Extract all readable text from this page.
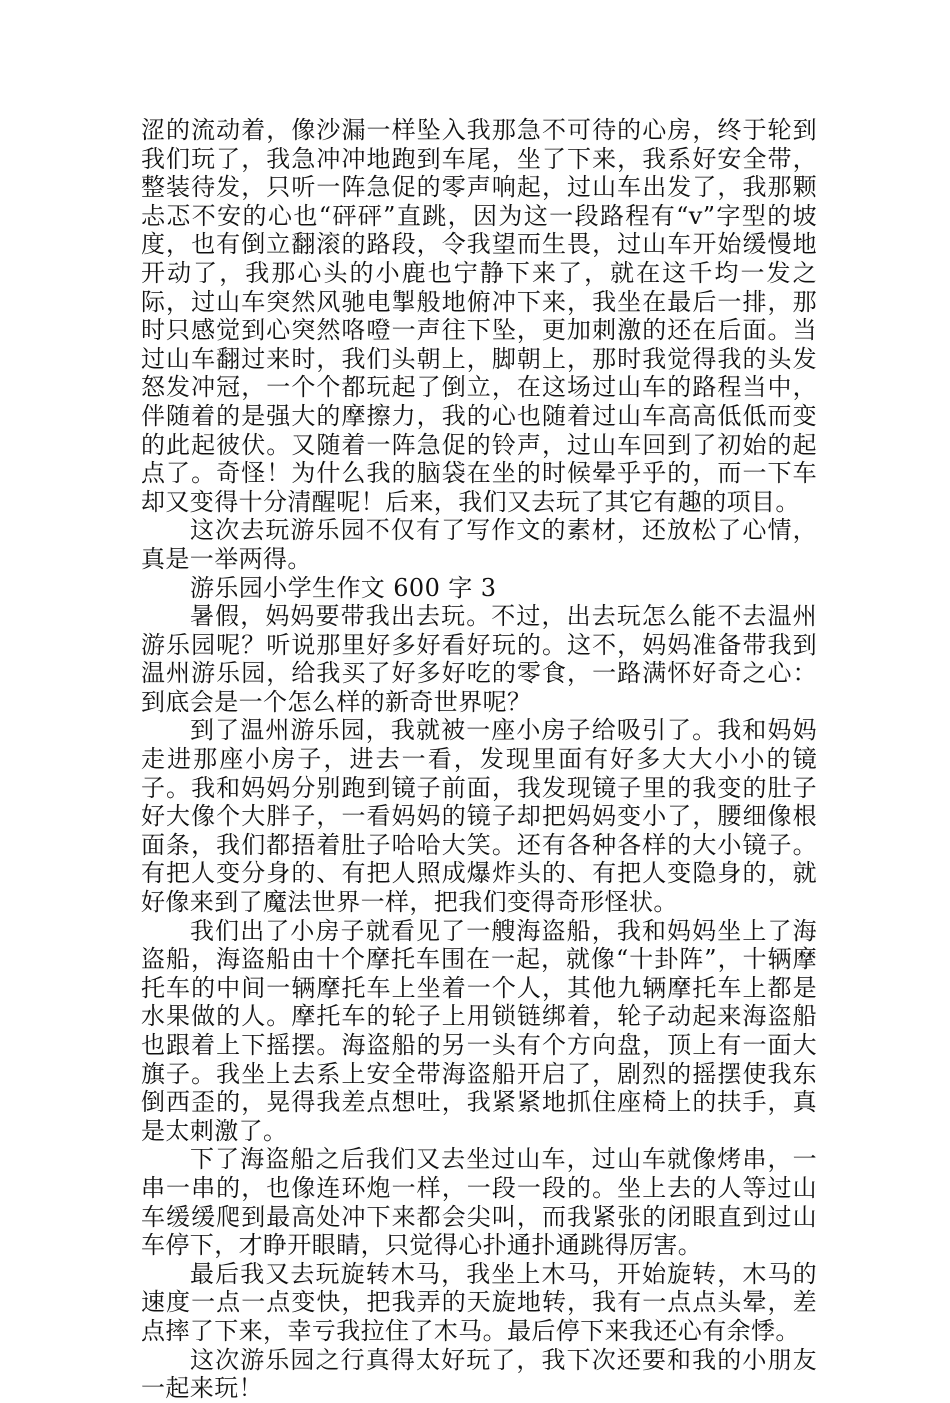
涩的流动着，像沙漏一样坠入我那急不可待的心房，终于轮到我们玩了，我急冲冲地跑到车尾，坐了下来，我系好安全带，整装待发，只听一阵急促的零声响起，过山车出发了，我那颗忐忑不安的心也“砰砰”直跳，因为这一段路程有“v”字型的坡度，也有倒立翻滚的路段，令我望而生畏，过山车开始缓慢地开动了，我那心头的小鹿也宁静下来了，就在这千均一发之际，过山车突然风驰电掣般地俯冲下来，我坐在最后一排，那时只感觉到心突然咯噔一声往下坠，更加刺激的还在后面。当过山车翻过来时，我们头朝上，脚朝上，那时我觉得我的头发怒发冲冠，一个个都玩起了倒立，在这场过山车的路程当中，伴随着的是强大的摩擦力，我的心也随着过山车高高低低而变的此起彼伏。又随着一阵急促的铃声，过山车回到了初始的起点了。奇怪！为什么我的脑袋在坐的时候晕乎乎的，而一下车却又变得十分清醒呢！后来，我们又去玩了其它有趣的项目。

这次去玩游乐园不仅有了写作文的素材，还放松了心情，真是一举两得。

游乐园小学生作文 600 字 3

暑假，妈妈要带我出去玩。不过，出去玩怎么能不去温州游乐园呢？听说那里好多好看好玩的。这不，妈妈准备带我到温州游乐园，给我买了好多好吃的零食，一路满怀好奇之心：到底会是一个怎么样的新奇世界呢？

到了温州游乐园，我就被一座小房子给吸引了。我和妈妈走进那座小房子，进去一看，发现里面有好多大大小小的镜子。我和妈妈分别跑到镜子前面，我发现镜子里的我变的肚子好大像个大胖子，一看妈妈的镜子却把妈妈变小了，腰细像根面条，我们都捂着肚子哈哈大笑。还有各种各样的大小镜子。有把人变分身的、有把人照成爆炸头的、有把人变隐身的，就好像来到了魔法世界一样，把我们变得奇形怪状。

我们出了小房子就看见了一艘海盗船，我和妈妈坐上了海盗船，海盗船由十个摩托车围在一起，就像“十卦阵”，十辆摩托车的中间一辆摩托车上坐着一个人，其他九辆摩托车上都是水果做的人。摩托车的轮子上用锁链绑着，轮子动起来海盗船也跟着上下摇摆。海盗船的另一头有个方向盘，顶上有一面大旗子。我坐上去系上安全带海盗船开启了，剧烈的摇摆使我东倒西歪的，晃得我差点想吐，我紧紧地抓住座椅上的扶手，真是太刺激了。

下了海盗船之后我们又去坐过山车，过山车就像烤串，一串一串的，也像连环炮一样，一段一段的。坐上去的人等过山车缓缓爬到最高处冲下来都会尖叫，而我紧张的闭眼直到过山车停下，才睁开眼睛，只觉得心扑通扑通跳得厉害。

最后我又去玩旋转木马，我坐上木马，开始旋转，木马的速度一点一点变快，把我弄的天旋地转，我有一点点头晕，差点摔了下来，幸亏我拉住了木马。最后停下来我还心有余悸。

这次游乐园之行真得太好玩了，我下次还要和我的小朋友一起来玩！
